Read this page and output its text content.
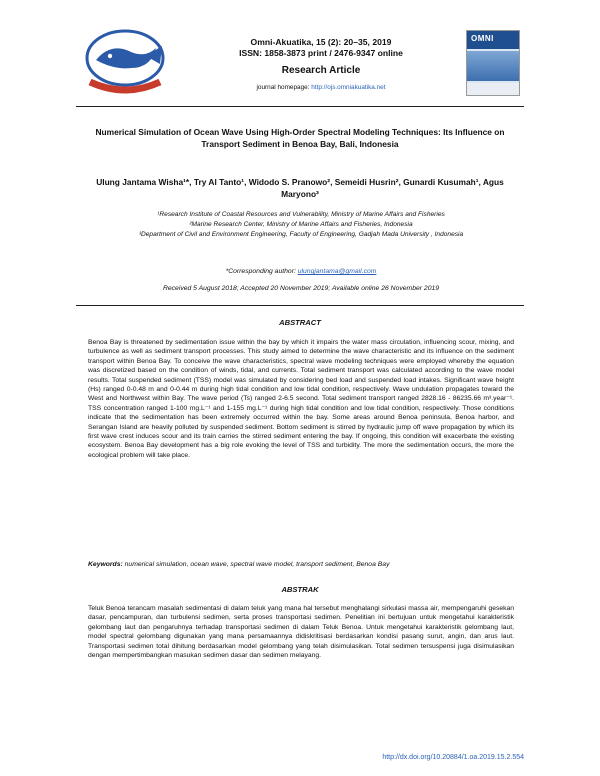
OMNI
Omni-Akuatika, 15 (2): 20–35, 2019
ISSN: 1858-3873 print / 2476-9347 online
Research Article
journal homepage: http://ojs.omniakuatika.net
Numerical Simulation of Ocean Wave Using High-Order Spectral Modeling Techniques: Its Influence on Transport Sediment in Benoa Bay, Bali, Indonesia
Ulung Jantama Wisha¹*, Try Al Tanto¹, Widodo S. Pranowo², Semeidi Husrin², Gunardi Kusumah¹, Agus Maryono³
¹Research Institute of Coastal Resources and Vulnerability, Ministry of Marine Affairs and Fisheries
²Marine Research Center, Ministry of Marine Affairs and Fisheries, Indonesia
³Department of Civil and Environment Engineering, Faculty of Engineering, Gadjah Mada University , Indonesia
*Corresponding author: ulungjantama@gmail.com
Received 5 August 2018; Accepted 20 November 2019; Available online 26 November 2019
ABSTRACT
Benoa Bay is threatened by sedimentation issue within the bay by which it impairs the water mass circulation, influencing scour, mixing, and turbulence as well as sediment transport processes. This study aimed to determine the wave characteristic and its influence on the sediment transport within Benoa Bay. To conceive the wave characteristics, spectral wave modeling techniques were employed whereby the equation was discretized based on the condition of winds, tidal, and currents. Total sediment transport was calculated according to the wave model results. Total suspended sediment (TSS) model was simulated by considering bed load and suspended load intakes. Significant wave height (Hs) ranged 0-0.48 m and 0-0.44 m during high tidal condition and low tidal condition, respectively. Wave undulation propagates toward the West and Northwest within Bay. The wave period (Ts) ranged 2-6.5 second. Total sediment transport ranged 2828.16 - 86235.66 m³.year⁻¹. TSS concentration ranged 1-100 mg.L⁻¹ and 1-155 mg.L⁻¹ during high tidal condition and low tidal condition, respectively. Those conditions indicate that the sedimentation has been extremely occurred within the bay. Some areas around Benoa peninsula, Benoa harbor, and Serangan Island are heavily polluted by suspended sediment. Bottom sediment is stirred by hydraulic jump off wave propagation by which its first wave crest induces scour and its train carries the stirred sediment entering the bay. If ongoing, this condition will exacerbate the existing ecosystem. Benoa Bay development has a big role evoking the level of TSS and turbidity. The more the sedimentation occurs, the more the ecological problem will take place.
Keywords: numerical simulation, ocean wave, spectral wave model, transport sediment, Benoa Bay
ABSTRAK
Teluk Benoa terancam masalah sedimentasi di dalam teluk yang mana hal tersebut menghalangi sirkulasi massa air, mempengaruhi gesekan dasar, pencampuran, dan turbulensi sedimen, serta proses transportasi sedimen. Penelitian ini bertujuan untuk mengetahui karakteristik gelombang laut dan pengaruhnya terhadap transportasi sedimen di dalam Teluk Benoa. Untuk mengetahui karakteristik gelombang laut, model spectral gelombang digunakan yang mana persamaannya didiskritisasi berdasarkan kondisi pasang surut, angin, dan arus laut. Transportasi sedimen total dihitung berdasarkan model gelombang yang telah disimulasikan. Total sedimen tersuspensi juga disimulasikan dengan mempertimbangkan masukan sedimen dasar dan sedimen melayang.
http://dx.doi.org/10.20884/1.oa.2019.15.2.554
